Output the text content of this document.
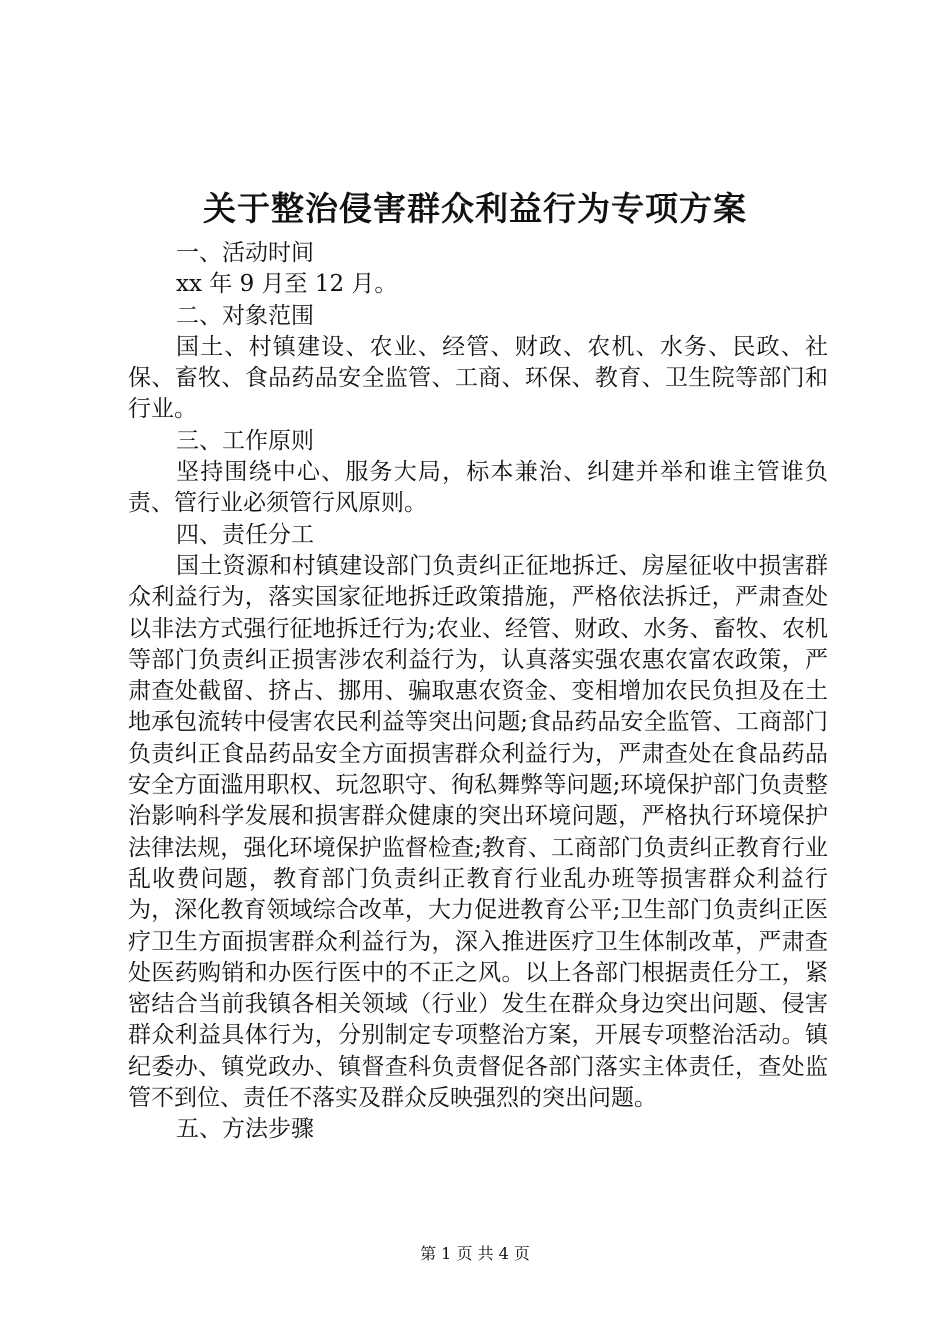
关于整治侵害群众利益行为专项方案

一、活动时间

xx 年 9 月至 12 月。

二、对象范围

国土、村镇建设、农业、经管、财政、农机、水务、民政、社保、畜牧、食品药品安全监管、工商、环保、教育、卫生院等部门和行业。

三、工作原则

坚持围绕中心、服务大局，标本兼治、纠建并举和谁主管谁负责、管行业必须管行风原则。

四、责任分工

国土资源和村镇建设部门负责纠正征地拆迁、房屋征收中损害群众利益行为，落实国家征地拆迁政策措施，严格依法拆迁，严肃查处以非法方式强行征地拆迁行为;农业、经管、财政、水务、畜牧、农机等部门负责纠正损害涉农利益行为，认真落实强农惠农富农政策，严肃查处截留、挤占、挪用、骗取惠农资金、变相增加农民负担及在土地承包流转中侵害农民利益等突出问题;食品药品安全监管、工商部门负责纠正食品药品安全方面损害群众利益行为，严肃查处在食品药品安全方面滥用职权、玩忽职守、徇私舞弊等问题;环境保护部门负责整治影响科学发展和损害群众健康的突出环境问题，严格执行环境保护法律法规，强化环境保护监督检查;教育、工商部门负责纠正教育行业乱收费问题，教育部门负责纠正教育行业乱办班等损害群众利益行为，深化教育领域综合改革，大力促进教育公平;卫生部门负责纠正医疗卫生方面损害群众利益行为，深入推进医疗卫生体制改革，严肃查处医药购销和办医行医中的不正之风。以上各部门根据责任分工，紧密结合当前我镇各相关领域（行业）发生在群众身边突出问题、侵害群众利益具体行为，分别制定专项整治方案，开展专项整治活动。镇纪委办、镇党政办、镇督查科负责督促各部门落实主体责任，查处监管不到位、责任不落实及群众反映强烈的突出问题。

五、方法步骤

第 1 页 共 4 页
